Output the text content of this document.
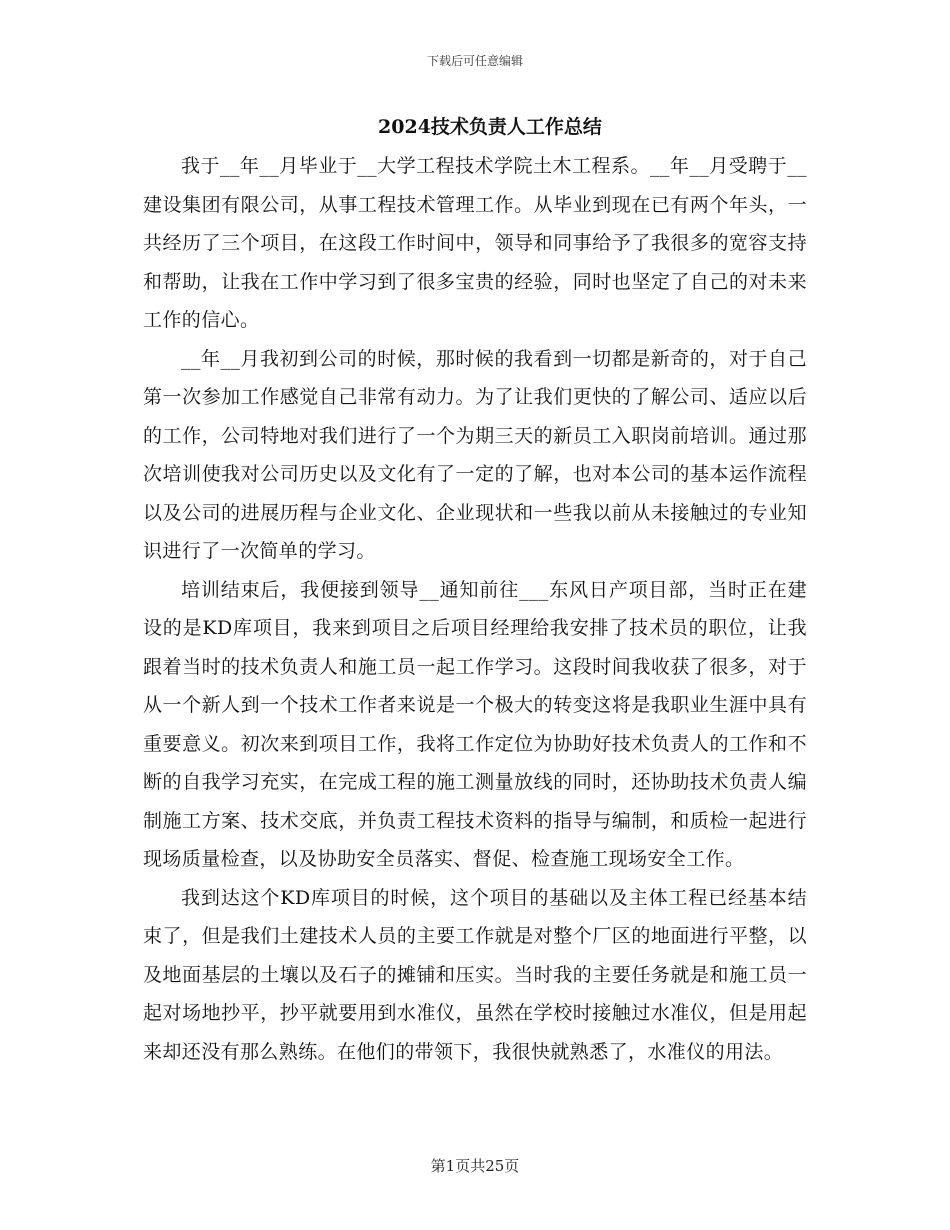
下载后可任意编辑
2024技术负责人工作总结

我于__年__月毕业于__大学工程技术学院土木工程系。__年__月受聘于__建设集团有限公司，从事工程技术管理工作。从毕业到现在已有两个年头，一共经历了三个项目，在这段工作时间中，领导和同事给予了我很多的宽容支持和帮助，让我在工作中学习到了很多宝贵的经验，同时也坚定了自己的对未来工作的信心。

__年__月我初到公司的时候，那时候的我看到一切都是新奇的，对于自己第一次参加工作感觉自己非常有动力。为了让我们更快的了解公司、适应以后的工作，公司特地对我们进行了一个为期三天的新员工入职岗前培训。通过那次培训使我对公司历史以及文化有了一定的了解，也对本公司的基本运作流程以及公司的进展历程与企业文化、企业现状和一些我以前从未接触过的专业知识进行了一次简单的学习。

培训结束后，我便接到领导__通知前往___东风日产项目部，当时正在建设的是KD库项目，我来到项目之后项目经理给我安排了技术员的职位，让我跟着当时的技术负责人和施工员一起工作学习。这段时间我收获了很多，对于从一个新人到一个技术工作者来说是一个极大的转变这将是我职业生涯中具有重要意义。初次来到项目工作，我将工作定位为协助好技术负责人的工作和不断的自我学习充实，在完成工程的施工测量放线的同时，还协助技术负责人编制施工方案、技术交底，并负责工程技术资料的指导与编制，和质检一起进行现场质量检查，以及协助安全员落实、督促、检查施工现场安全工作。

我到达这个KD库项目的时候，这个项目的基础以及主体工程已经基本结束了，但是我们土建技术人员的主要工作就是对整个厂区的地面进行平整，以及地面基层的土壤以及石子的摊铺和压实。当时我的主要任务就是和施工员一起对场地抄平，抄平就要用到水准仪，虽然在学校时接触过水准仪，但是用起来却还没有那么熟练。在他们的带领下，我很快就熟悉了，水准仪的用法。

第1页共25页
